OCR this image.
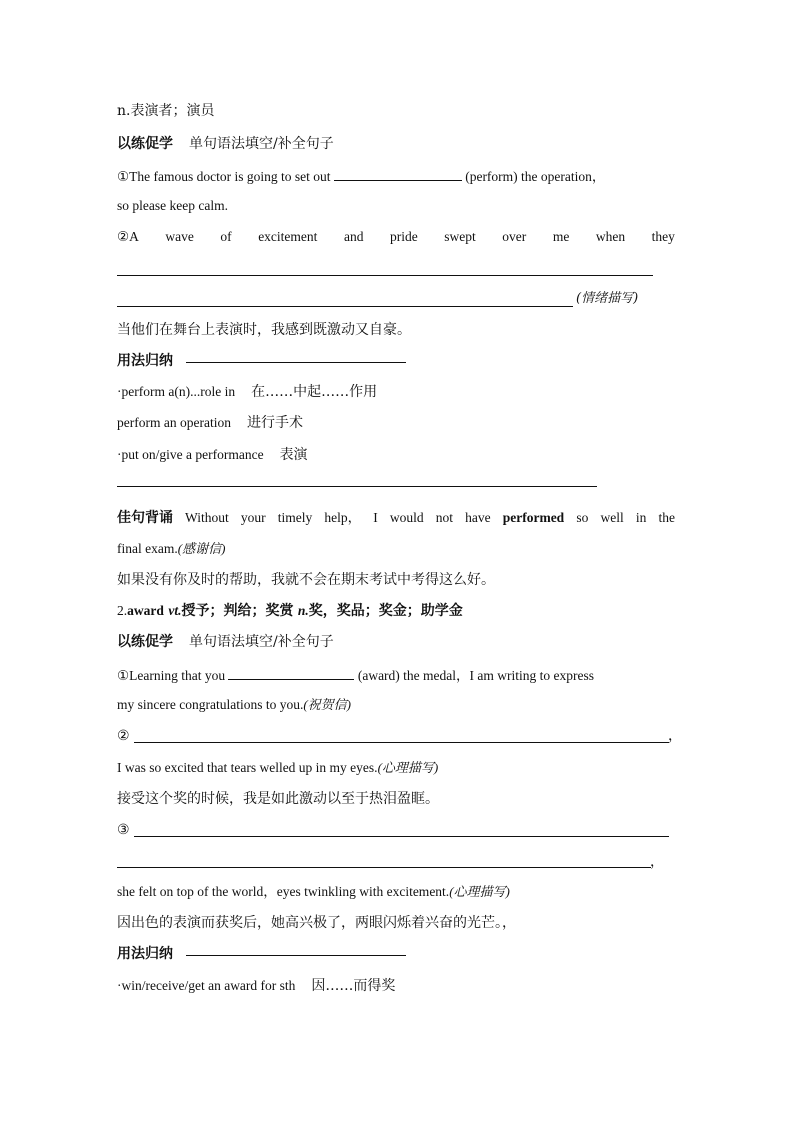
n.表演者；演员
以练促学 单句语法填空/补全句子
①The famous doctor is going to set out	(perform) the operation，
so please keep calm.
②A wave of excitement and pride swept over me when they
(情绪描写)
当他们在舞台上表演时，我感到既激动又自豪。
用法归纳
·perform a(n)...role in 在……中起……作用
perform an operation 进行手术
·put on/give a performance 表演
佳句背诵 Without your timely help， I would not have performed so well in the
final exam.(感谢信)
如果没有你及时的帮助，我就不会在期末考试中考得这么好。
2.award vt.授予；判给；奖赏 n.奖，奖品；奖金；助学金
以练促学 单句语法填空/补全句子
①Learning that you	(award) the medal，I am writing to express
my sincere congratulations to you.(祝贺信)
②	，
I was so excited that tears welled up in my eyes.(心理描写)
接受这个奖的时候，我是如此激动以至于热泪盈眶。
③
，
she felt on top of the world，eyes twinkling with excitement.(心理描写)
因出色的表演而获奖后，她高兴极了，两眼闪烁着兴奋的光芒。，
用法归纳
·win/receive/get an award for sth 因……而得奖
